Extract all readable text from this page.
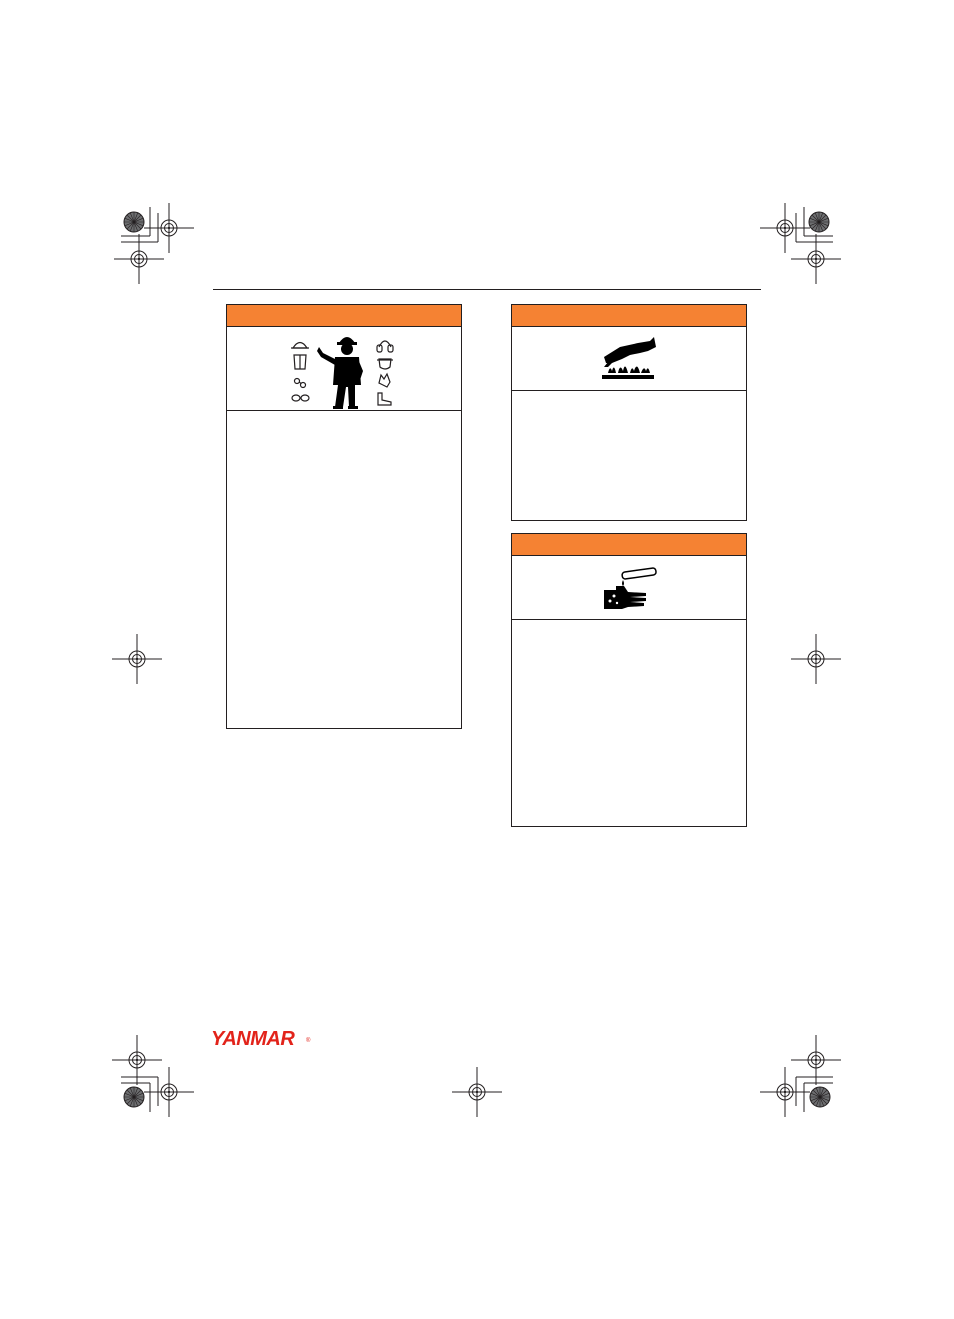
YANMAR ®
